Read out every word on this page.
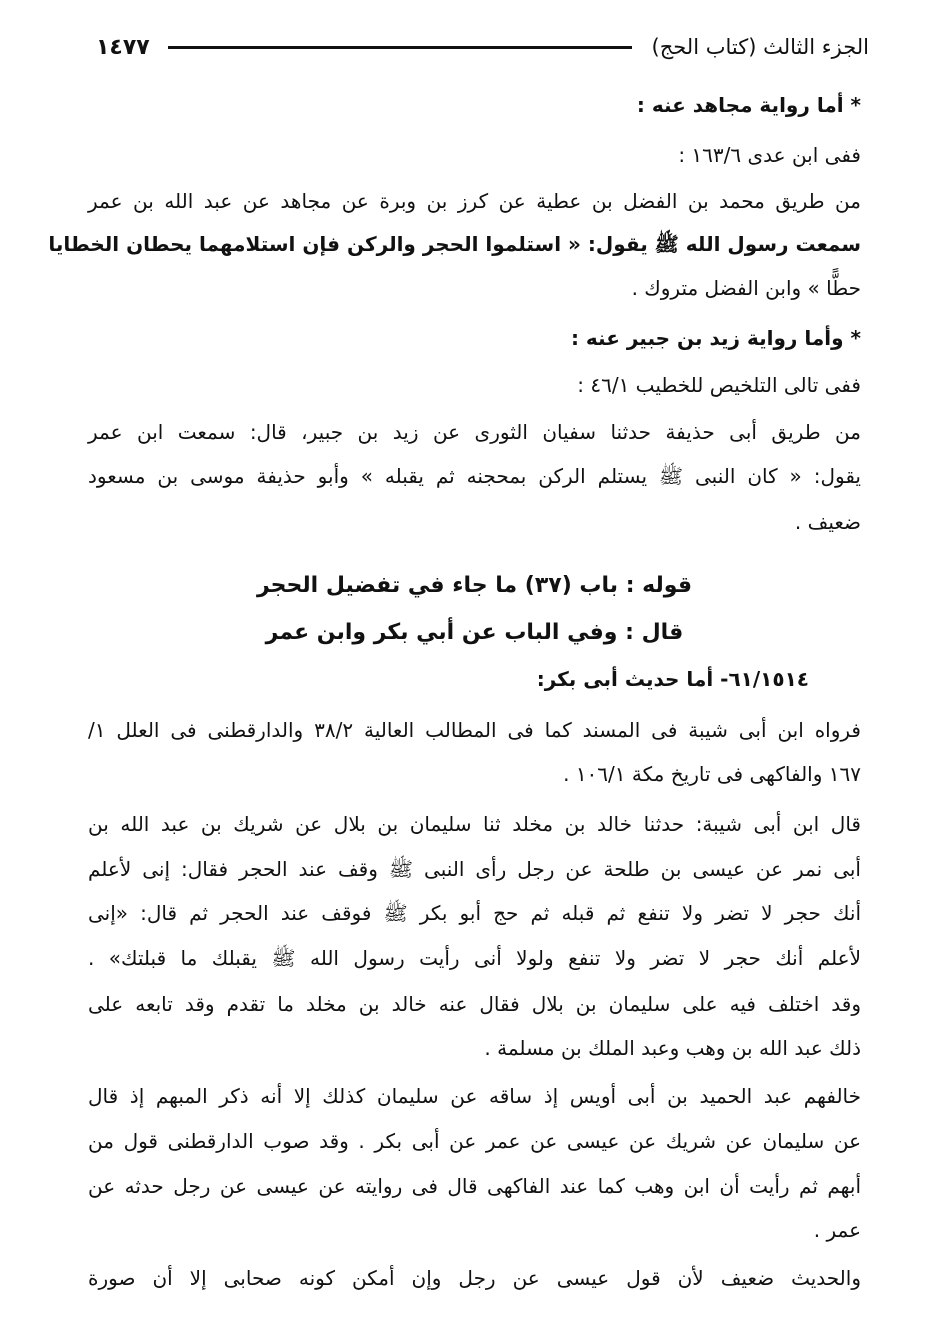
الجزء الثالث (كتاب الحج)
١٤٧٧
* أما رواية مجاهد عنه :
ففى ابن عدى ١٦٣/٦ :
من طريق محمد بن الفضل بن عطية عن كرز بن وبرة عن مجاهد عن عبد الله بن عمر
سمعت رسول الله ﷺ يقول: « استلموا الحجر والركن فإن استلامهما يحطان الخطايا
حطًّا » وابن الفضل متروك .
* وأما رواية زيد بن جبير عنه :
ففى تالى التلخيص للخطيب ٤٦/١ :
من طريق أبى حذيفة حدثنا سفيان الثورى عن زيد بن جبير، قال: سمعت ابن عمر
يقول: « كان النبى ﷺ يستلم الركن بمحجنه ثم يقبله » وأبو حذيفة موسى بن مسعود
ضعيف .
قوله : باب (٣٧) ما جاء في تفضيل الحجر
قال : وفي الباب عن أبي بكر وابن عمر
٦١/١٥١٤- أما حديث أبى بكر:
فرواه ابن أبى شيبة فى المسند كما فى المطالب العالية ٣٨/٢ والدارقطنى فى العلل ١/
١٦٧ والفاكهى فى تاريخ مكة ١٠٦/١ .
قال ابن أبى شيبة: حدثنا خالد بن مخلد ثنا سليمان بن بلال عن شريك بن عبد الله بن
أبى نمر عن عيسى بن طلحة عن رجل رأى النبى ﷺ وقف عند الحجر فقال: إنى لأعلم
أنك حجر لا تضر ولا تنفع ثم قبله ثم حج أبو بكر ﷺ فوقف عند الحجر ثم قال: «إنى
لأعلم أنك حجر لا تضر ولا تنفع ولولا أنى رأيت رسول الله ﷺ يقبلك ما قبلتك» .
وقد اختلف فيه على سليمان بن بلال فقال عنه خالد بن مخلد ما تقدم وقد تابعه على
ذلك عبد الله بن وهب وعبد الملك بن مسلمة .
خالفهم عبد الحميد بن أبى أويس إذ ساقه عن سليمان كذلك إلا أنه ذكر المبهم إذ قال
عن سليمان عن شريك عن عيسى عن عمر عن أبى بكر . وقد صوب الدارقطنى قول من
أبهم ثم رأيت أن ابن وهب كما عند الفاكهى قال فى روايته عن عيسى عن رجل حدثه عن
عمر .
والحديث ضعيف لأن قول عيسى عن رجل وإن أمكن كونه صحابى إلا أن صورة
